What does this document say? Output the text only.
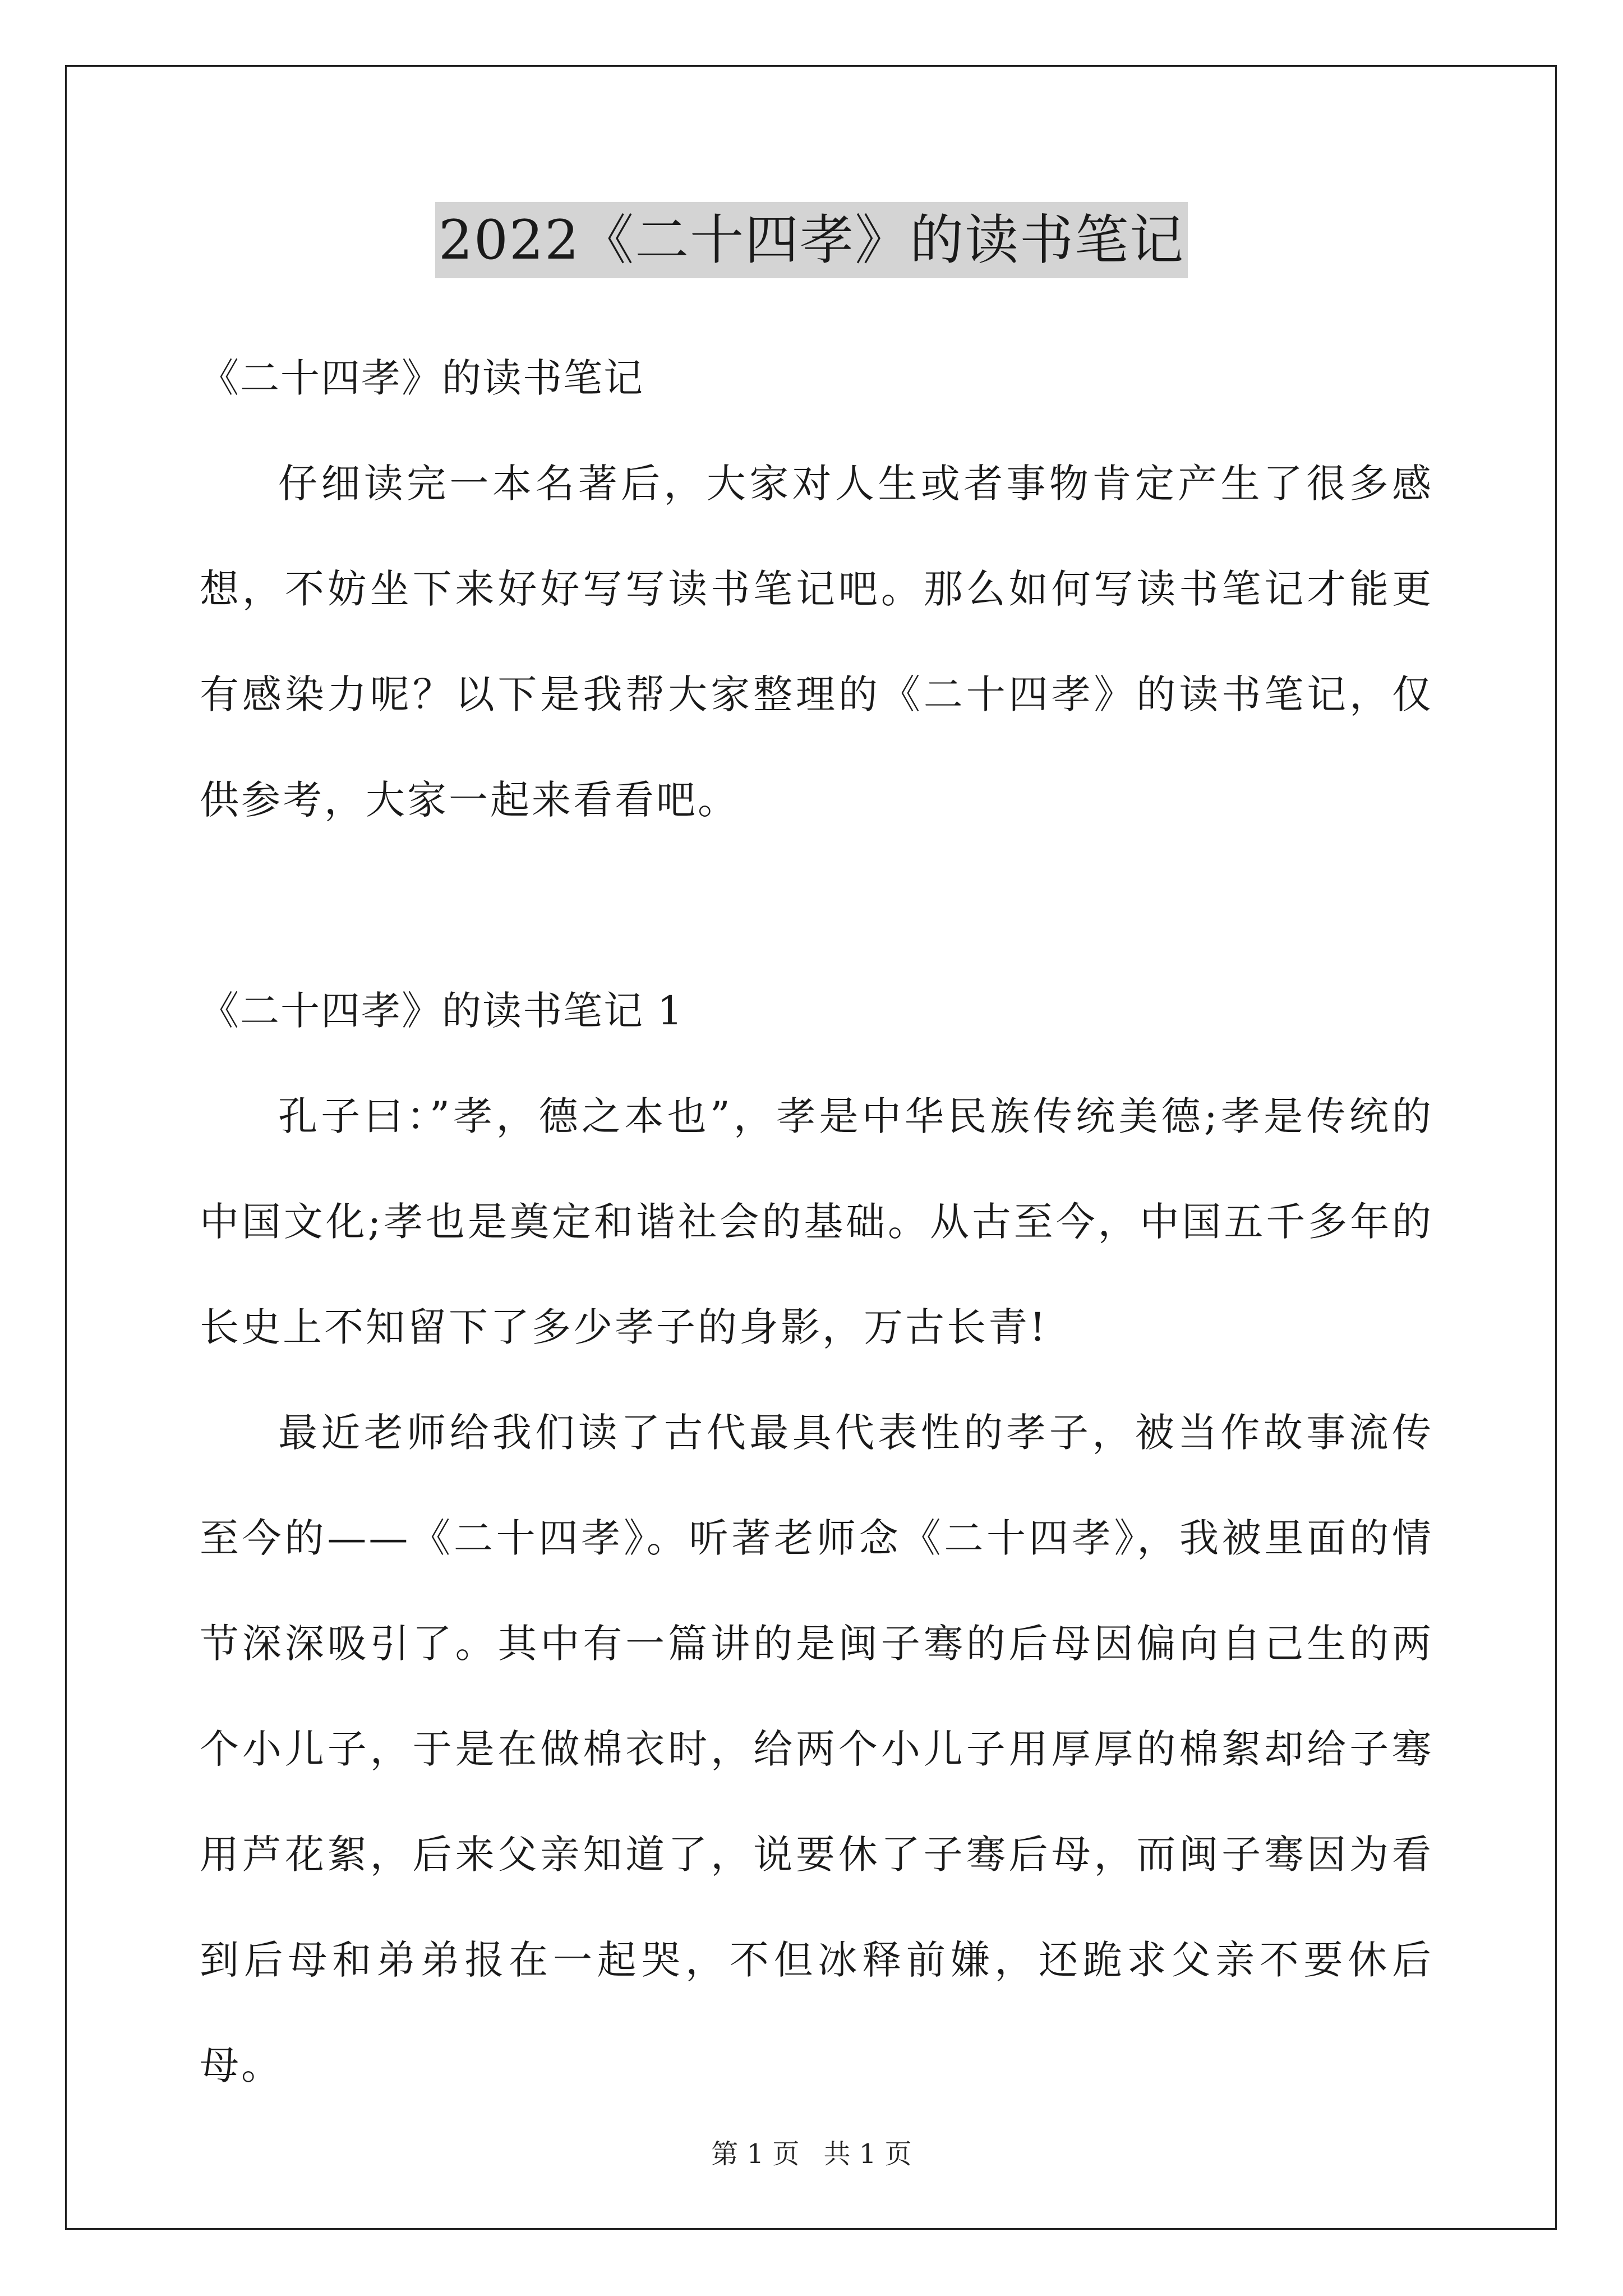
2022《二十四孝》的读书笔记

《二十四孝》的读书笔记

仔细读完一本名著后，大家对人生或者事物肯定产生了很多感想，不妨坐下来好好写写读书笔记吧。那么如何写读书笔记才能更有感染力呢？以下是我帮大家整理的《二十四孝》的读书笔记，仅供参考，大家一起来看看吧。

《二十四孝》的读书笔记 1

孔子曰：”孝，德之本也”，孝是中华民族传统美德;孝是传统的中国文化;孝也是奠定和谐社会的基础。从古至今，中国五千多年的长史上不知留下了多少孝子的身影，万古长青!

最近老师给我们读了古代最具代表性的孝子，被当作故事流传至今的——《二十四孝》。听著老师念《二十四孝》，我被里面的情节深深吸引了。其中有一篇讲的是闽子骞的后母因偏向自己生的两个小儿子，于是在做棉衣时，给两个小儿子用厚厚的棉絮却给子骞用芦花絮，后来父亲知道了，说要休了子骞后母，而闽子骞因为看到后母和弟弟报在一起哭，不但冰释前嫌，还跪求父亲不要休后母。

第 1 页 共 1 页
